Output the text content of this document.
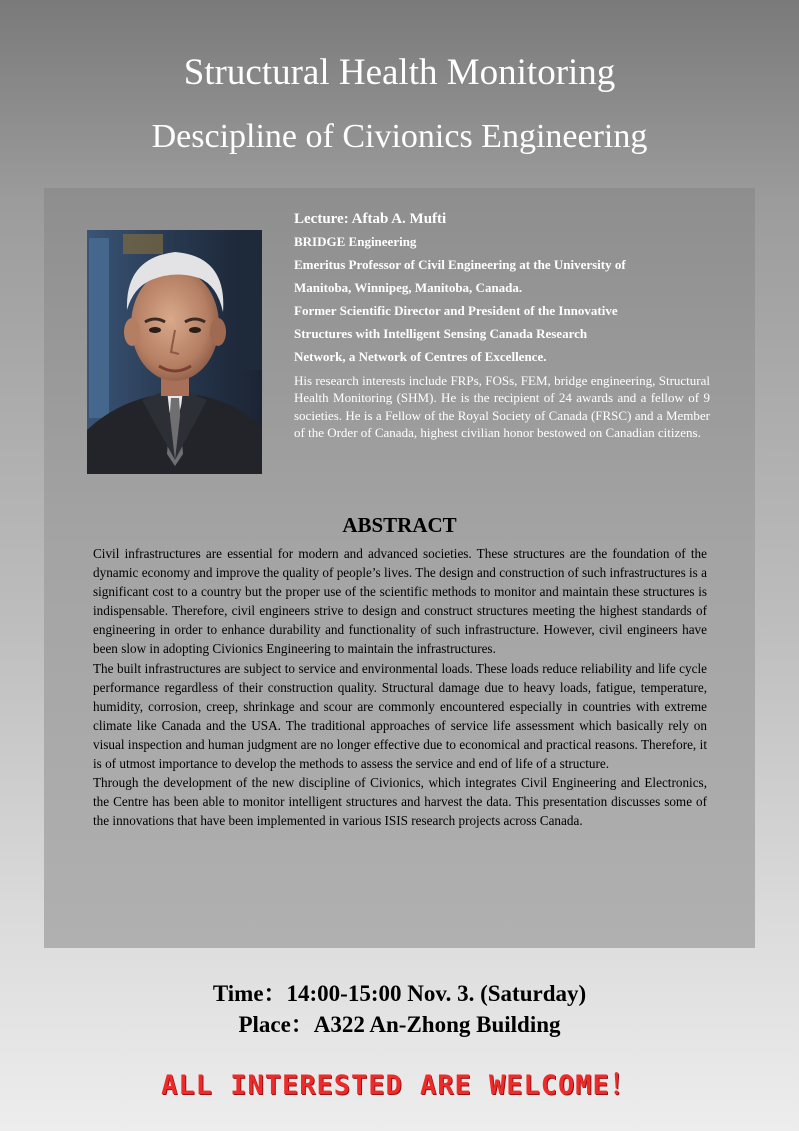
Structural Health Monitoring
Descipline of Civionics Engineering

Lecture: Aftab A. Mufti

BRIDGE Engineering

Emeritus Professor of Civil Engineering at the University of

Manitoba, Winnipeg, Manitoba, Canada.

Former Scientific Director and President of the Innovative

Structures with Intelligent Sensing Canada Research

Network, a Network of Centres of Excellence.

His research interests include FRPs, FOSs, FEM, bridge engineering, Structural Health Monitoring (SHM). He is the recipient of 24 awards and a fellow of 9 societies. He is a Fellow of the Royal Society of Canada (FRSC) and a Member of the Order of Canada, highest civilian honor bestowed on Canadian citizens.

ABSTRACT

Civil infrastructures are essential for modern and advanced societies. These structures are the foundation of the dynamic economy and improve the quality of people’s lives. The design and construction of such infrastructures is a significant cost to a country but the proper use of the scientific methods to monitor and maintain these structures is indispensable. Therefore, civil engineers strive to design and construct structures meeting the highest standards of engineering in order to enhance durability and functionality of such infrastructure. However, civil engineers have been slow in adopting Civionics Engineering to maintain the infrastructures.

The built infrastructures are subject to service and environmental loads. These loads reduce reliability and life cycle performance regardless of their construction quality. Structural damage due to heavy loads, fatigue, temperature, humidity, corrosion, creep, shrinkage and scour are commonly encountered especially in countries with extreme climate like Canada and the USA. The traditional approaches of service life assessment which basically rely on visual inspection and human judgment are no longer effective due to economical and practical reasons. Therefore, it is of utmost importance to develop the methods to assess the service and end of life of a structure.

Through the development of the new discipline of Civionics, which integrates Civil Engineering and Electronics, the Centre has been able to monitor intelligent structures and harvest the data. This presentation discusses some of the innovations that have been implemented in various ISIS research projects across Canada.

Time：14:00-15:00 Nov. 3. (Saturday)
Place：A322 An-Zhong Building
ALL INTERESTED ARE WELCOME！
